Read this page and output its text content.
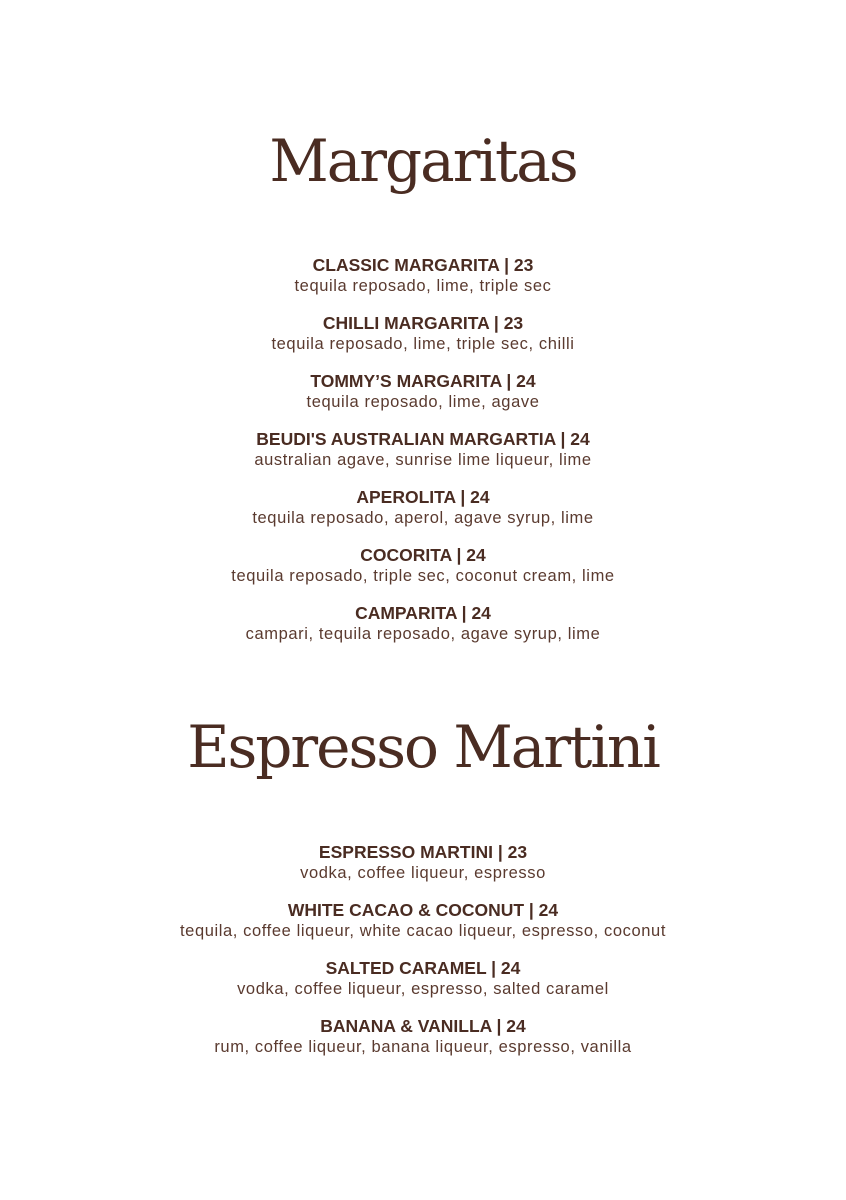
Margaritas
CLASSIC MARGARITA | 23
tequila reposado, lime, triple sec
CHILLI MARGARITA | 23
tequila reposado, lime, triple sec, chilli
TOMMY’S MARGARITA | 24
tequila reposado, lime, agave
BEUDI'S AUSTRALIAN MARGARTIA | 24
australian agave, sunrise lime liqueur, lime
APEROLITA | 24
tequila reposado, aperol, agave syrup, lime
COCORITA | 24
tequila reposado, triple sec, coconut cream, lime
CAMPARITA | 24
campari, tequila reposado, agave syrup, lime
Espresso Martini
ESPRESSO MARTINI | 23
vodka, coffee liqueur, espresso
WHITE CACAO & COCONUT | 24
tequila, coffee liqueur, white cacao liqueur, espresso, coconut
SALTED CARAMEL | 24
vodka, coffee liqueur, espresso, salted caramel
BANANA & VANILLA | 24
rum, coffee liqueur, banana liqueur, espresso, vanilla
